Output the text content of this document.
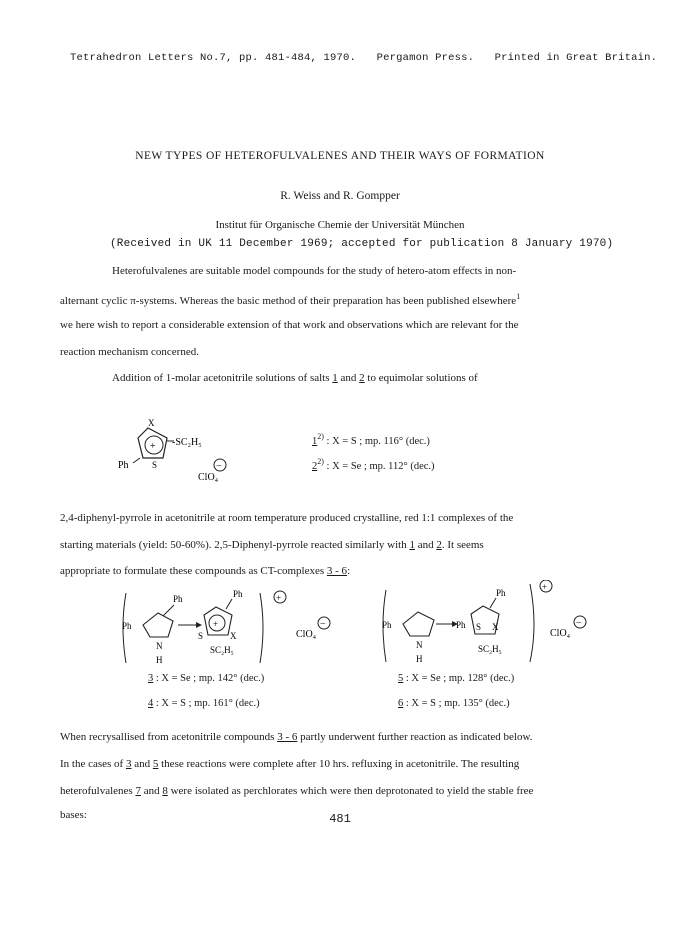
Tetrahedron Letters No.7, pp. 481-484, 1970. Pergamon Press. Printed in Great Britain.
NEW TYPES OF HETEROFULVALENES AND THEIR WAYS OF FORMATION
R. Weiss and R. Gompper
Institut für Organische Chemie der Universität München
(Received in UK 11 December 1969; accepted for publication 8 January 1970)
Heterofulvalenes are suitable model compounds for the study of hetero-atom effects in non-
alternant cyclic π-systems. Whereas the basic method of their preparation has been published elsewhere$^1$
we here wish to report a considerable extension of that work and observations which are relevant for the
reaction mechanism concerned.
Addition of 1-molar acetonitrile solutions of salts 1 and 2 to equimolar solutions of
+
X
-SC₂H₅
S
Ph	−
ClO₄
1$^{2)}$ : X = S ; mp. 116° (dec.)
2$^{2)}$ : X = Se ; mp. 112° (dec.)
2,4-diphenyl-pyrrole in acetonitrile at room temperature produced crystalline, red 1:1 complexes of the
starting materials (yield: 50-60%). 2,5-Diphenyl-pyrrole reacted similarly with 1 and 2. It seems
appropriate to formulate these compounds as CT-complexes 3 - 6:
Ph
Ph
N
H
+
S	X
Ph
SC₂H₅
+
ClO₄
−	Ph
N
H
Ph S X
Ph
SC₂H₅
+
ClO₄
−
3 : X = Se ; mp. 142° (dec.)
4 : X = S ; mp. 161° (dec.)
5 : X = Se ; mp. 128° (dec.)
6 : X = S ; mp. 135° (dec.)
When recrysallised from acetonitrile compounds 3 - 6 partly underwent further reaction as indicated below.
In the cases of 3 and 5 these reactions were complete after 10 hrs. refluxing in acetonitrile. The resulting
heterofulvalenes 7 and 8 were isolated as perchlorates which were then deprotonated to yield the stable free
bases:	481
